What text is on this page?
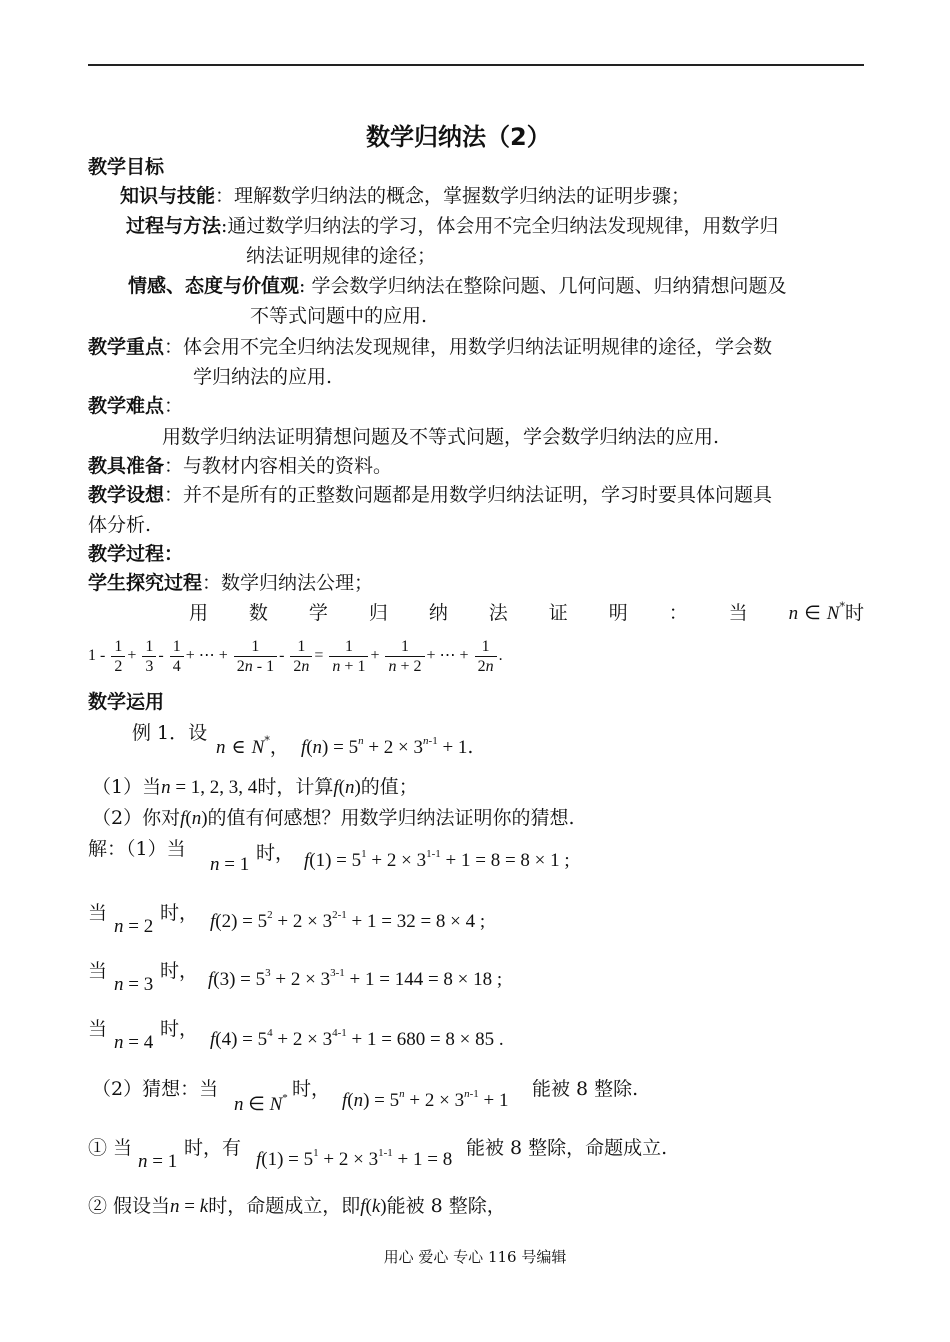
数学归纳法（2）
教学目标
知识与技能：理解数学归纳法的概念，掌握数学归纳法的证明步骤；
过程与方法:通过数学归纳法的学习，体会用不完全归纳法发现规律，用数学归
纳法证明规律的途径；
情感、态度与价值观: 学会数学归纳法在整除问题、几何问题、归纳猜想问题及
不等式问题中的应用.
教学重点：体会用不完全归纳法发现规律，用数学归纳法证明规律的途径，学会数
学归纳法的应用.
教学难点：
用数学归纳法证明猜想问题及不等式问题，学会数学归纳法的应用.
教具准备：与教材内容相关的资料。
教学设想：并不是所有的正整数问题都是用数学归纳法证明，学习时要具体问题具
体分析.
教学过程：
学生探究过程：数学归纳法公理；
用 数 学 归 纳 法 证 明 ： 当 n ∈ N*时
$1 - \frac{1}{2} + \frac{1}{3} - \frac{1}{4}$ + ⋯ + $\frac{1}{2n - 1} - \frac{1}{2n} = \frac{1}{n + 1} + \frac{1}{n + 2}$ + ⋯ + $\frac{1}{2n}$ .
数学运用
例 1．设
n ∈ N*，  $f(n) = 5^n + 2 \times 3^{n-1} + 1$.
（1）当n = 1, 2, 3, 4时，计算f(n)的值；
（2）你对f(n)的值有何感想？用数学归纳法证明你的猜想.
解：（1）当
n = 1
时， $f(1) = 5^1 + 2 \times 3^{1-1} + 1 = 8 = 8 \times 1$ ;
当
n = 2
时， $f(2) = 5^2 + 2 \times 3^{2-1} + 1 = 32 = 8 \times 4$ ;
当
n = 3
时， $f(3) = 5^3 + 2 \times 3^{3-1} + 1 = 144 = 8 \times 18$ ;
当
n = 4
时， $f(4) = 5^4 + 2 \times 3^{4-1} + 1 = 680 = 8 \times 85$ .
（2）猜想：当
n ∈ N* 时，
$f(n) = 5^n + 2 \times 3^{n-1} + 1$
能被 8 整除.
① 当
n = 1
时，有
$f(1) = 5^1 + 2 \times 3^{1-1} + 1 = 8$
能被 8 整除，命题成立.
② 假设当n = k时，命题成立，即f(k)能被 8 整除，
用心 爱心 专心 116 号编辑
